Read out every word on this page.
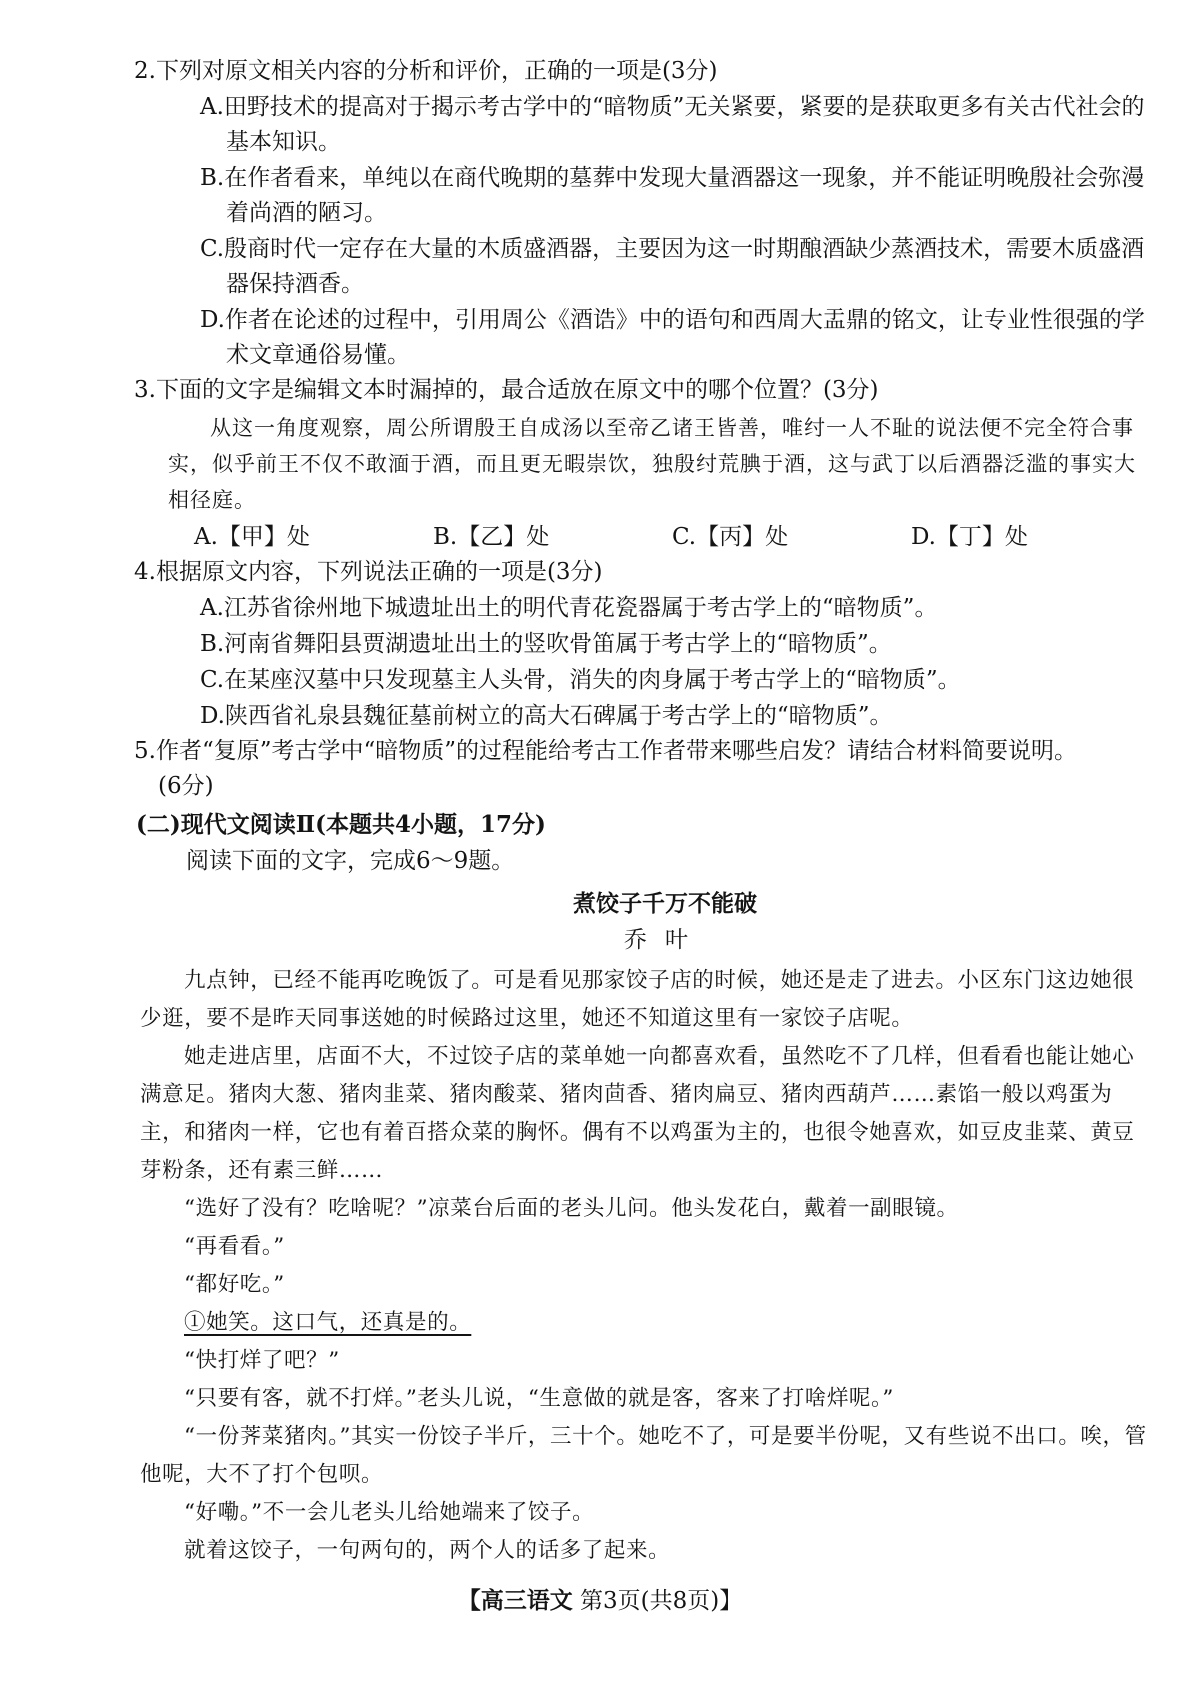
2.下列对原文相关内容的分析和评价，正确的一项是(3分)
A.田野技术的提高对于揭示考古学中的“暗物质”无关紧要，紧要的是获取更多有关古代社会的基本知识。
B.在作者看来，单纯以在商代晚期的墓葬中发现大量酒器这一现象，并不能证明晚殷社会弥漫着尚酒的陋习。
C.殷商时代一定存在大量的木质盛酒器，主要因为这一时期酿酒缺少蒸酒技术，需要木质盛酒器保持酒香。
D.作者在论述的过程中，引用周公《酒诰》中的语句和西周大盂鼎的铭文，让专业性很强的学术文章通俗易懂。
3.下面的文字是编辑文本时漏掉的，最合适放在原文中的哪个位置？(3分)
从这一角度观察，周公所谓殷王自成汤以至帝乙诸王皆善，唯纣一人不耻的说法便不完全符合事实，似乎前王不仅不敢湎于酒，而且更无暇崇饮，独殷纣荒腆于酒，这与武丁以后酒器泛滥的事实大相径庭。
A.【甲】处	B.【乙】处	C.【丙】处	D.【丁】处
4.根据原文内容，下列说法正确的一项是(3分)
A.江苏省徐州地下城遗址出土的明代青花瓷器属于考古学上的“暗物质”。
B.河南省舞阳县贾湖遗址出土的竖吹骨笛属于考古学上的“暗物质”。
C.在某座汉墓中只发现墓主人头骨，消失的肉身属于考古学上的“暗物质”。
D.陕西省礼泉县魏征墓前树立的高大石碑属于考古学上的“暗物质”。
5.作者“复原”考古学中“暗物质”的过程能给考古工作者带来哪些启发？请结合材料简要说明。
(6分)
(二)现代文阅读Ⅱ(本题共4小题，17分)
阅读下面的文字，完成6～9题。
煮饺子千万不能破
乔叶

九点钟，已经不能再吃晚饭了。可是看见那家饺子店的时候，她还是走了进去。小区东门这边她很少逛，要不是昨天同事送她的时候路过这里，她还不知道这里有一家饺子店呢。

她走进店里，店面不大，不过饺子店的菜单她一向都喜欢看，虽然吃不了几样，但看看也能让她心满意足。猪肉大葱、猪肉韭菜、猪肉酸菜、猪肉茴香、猪肉扁豆、猪肉西葫芦……素馅一般以鸡蛋为主，和猪肉一样，它也有着百搭众菜的胸怀。偶有不以鸡蛋为主的，也很令她喜欢，如豆皮韭菜、黄豆芽粉条，还有素三鲜……

“选好了没有？吃啥呢？”凉菜台后面的老头儿问。他头发花白，戴着一副眼镜。

“再看看。”

“都好吃。”

①她笑。这口气，还真是的。

“快打烊了吧？”

“只要有客，就不打烊。”老头儿说，“生意做的就是客，客来了打啥烊呢。”

“一份荠菜猪肉。”其实一份饺子半斤，三十个。她吃不了，可是要半份呢，又有些说不出口。唉，管他呢，大不了打个包呗。

“好嘞。”不一会儿老头儿给她端来了饺子。

就着这饺子，一句两句的，两个人的话多了起来。

【高三语文 第3页(共8页)】
